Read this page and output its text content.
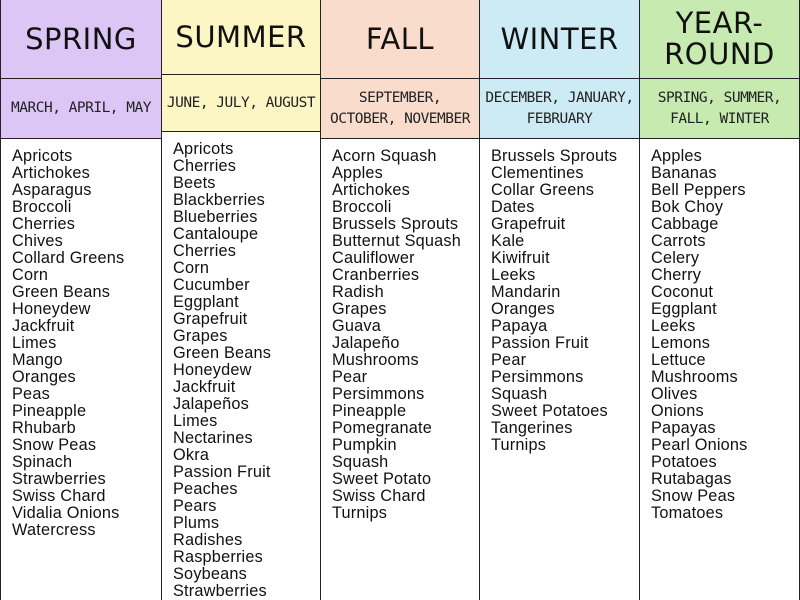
SPRING
MARCH, APRIL, MAY
Apricots
Artichokes
Asparagus
Broccoli
Cherries
Chives
Collard Greens
Corn
Green Beans
Honeydew
Jackfruit
Limes
Mango
Oranges
Peas
Pineapple
Rhubarb
Snow Peas
Spinach
Strawberries
Swiss Chard
Vidalia Onions
Watercress
SUMMER
JUNE, JULY, AUGUST
Apricots
Cherries
Beets
Blackberries
Blueberries
Cantaloupe
Cherries
Corn
Cucumber
Eggplant
Grapefruit
Grapes
Green Beans
Honeydew
Jackfruit
Jalapeños
Limes
Nectarines
Okra
Passion Fruit
Peaches
Pears
Plums
Radishes
Raspberries
Soybeans
Strawberries
FALL
SEPTEMBER, OCTOBER, NOVEMBER
Acorn Squash
Apples
Artichokes
Broccoli
Brussels Sprouts
Butternut Squash
Cauliflower
Cranberries
Radish
Grapes
Guava
Jalapeño
Mushrooms
Pear
Persimmons
Pineapple
Pomegranate
Pumpkin
Squash
Sweet Potato
Swiss Chard
Turnips
WINTER
DECEMBER, JANUARY, FEBRUARY
Brussels Sprouts
Clementines
Collar Greens
Dates
Grapefruit
Kale
Kiwifruit
Leeks
Mandarin
Oranges
Papaya
Passion Fruit
Pear
Persimmons
Squash
Sweet Potatoes
Tangerines
Turnips
YEAR-
ROUND
SPRING, SUMMER, FALL, WINTER
Apples
Bananas
Bell Peppers
Bok Choy
Cabbage
Carrots
Celery
Cherry
Coconut
Eggplant
Leeks
Lemons
Lettuce
Mushrooms
Olives
Onions
Papayas
Pearl Onions
Potatoes
Rutabagas
Snow Peas
Tomatoes
